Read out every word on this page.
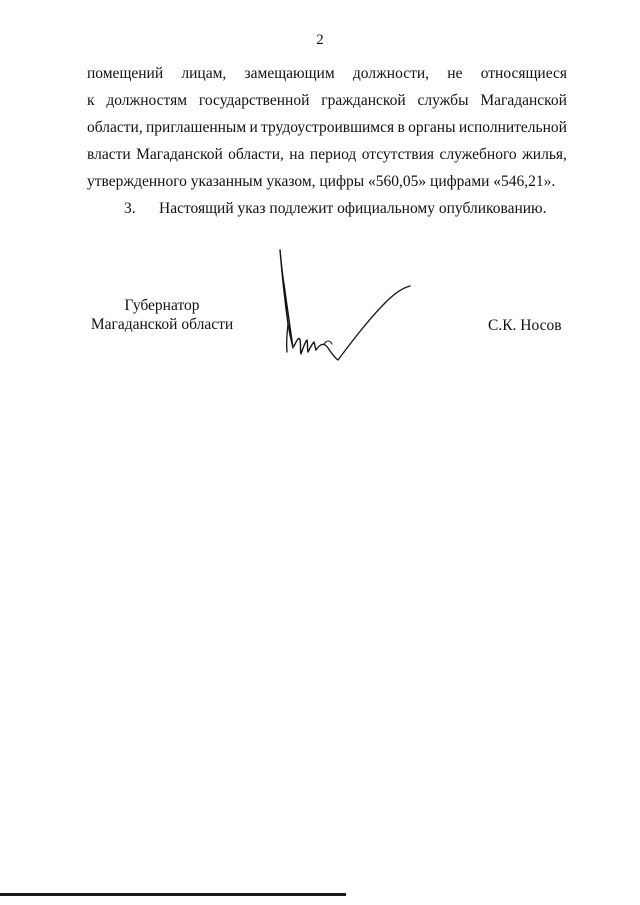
2
помещений лицам, замещающим должности, не относящиеся
к должностям государственной гражданской службы Магаданской
области, приглашенным и трудоустроившимся в органы исполнительной
власти Магаданской области, на период отсутствия служебного жилья,
утвержденного указанным указом, цифры «560,05» цифрами «546,21».
3.	Настоящий указ подлежит официальному опубликованию.
Губернатор
Магаданской области	С.К. Носов
